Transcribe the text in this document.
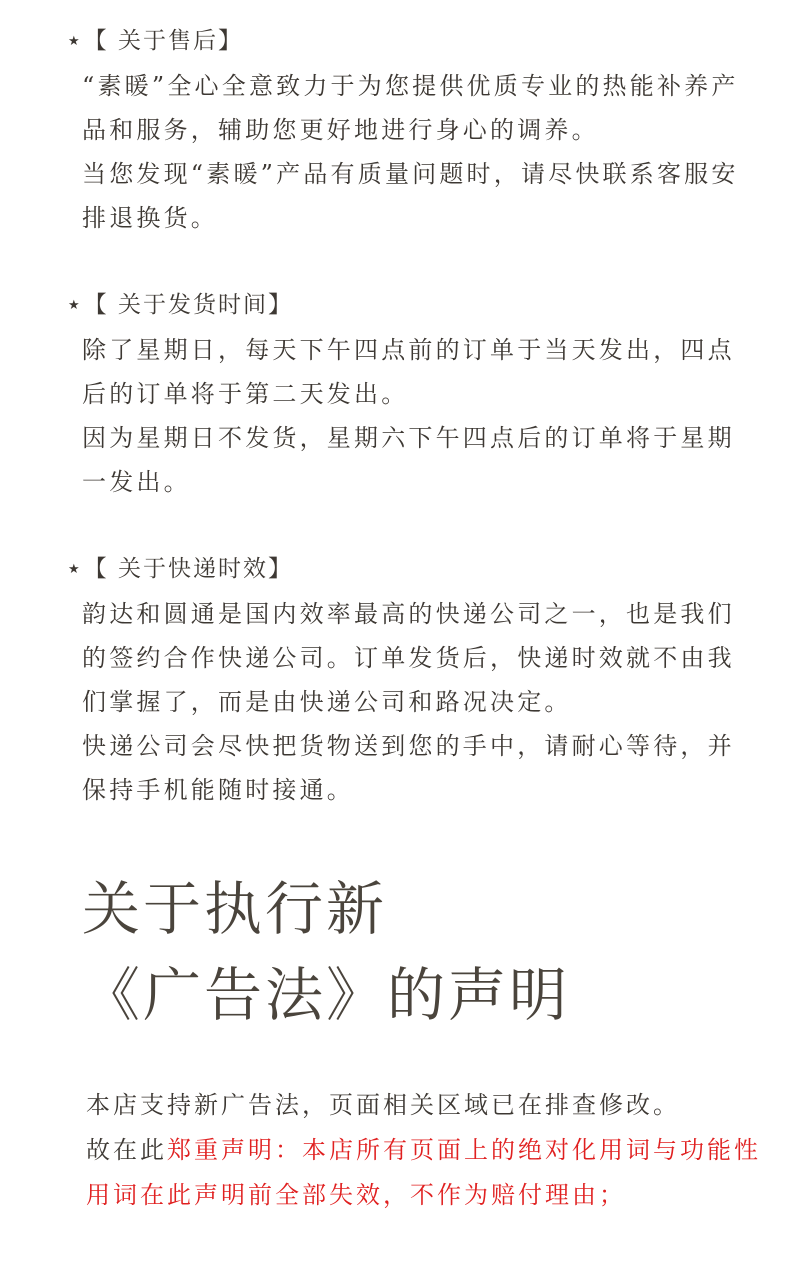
★【 关于售后】

“素暖”全心全意致力于为您提供优质专业的热能补养产品和服务，辅助您更好地进行身心的调养。

当您发现“素暖”产品有质量问题时，请尽快联系客服安排退换货。

★【 关于发货时间】

除了星期日，每天下午四点前的订单于当天发出，四点后的订单将于第二天发出。

因为星期日不发货，星期六下午四点后的订单将于星期一发出。

★【 关于快递时效】

韵达和圆通是国内效率最高的快递公司之一，也是我们的签约合作快递公司。订单发货后，快递时效就不由我们掌握了，而是由快递公司和路况决定。

快递公司会尽快把货物送到您的手中，请耐心等待，并保持手机能随时接通。

关于执行新
《广告法》的声明

本店支持新广告法，页面相关区域已在排查修改。

故在此郑重声明：本店所有页面上的绝对化用词与功能性用词在此声明前全部失效，不作为赔付理由；
